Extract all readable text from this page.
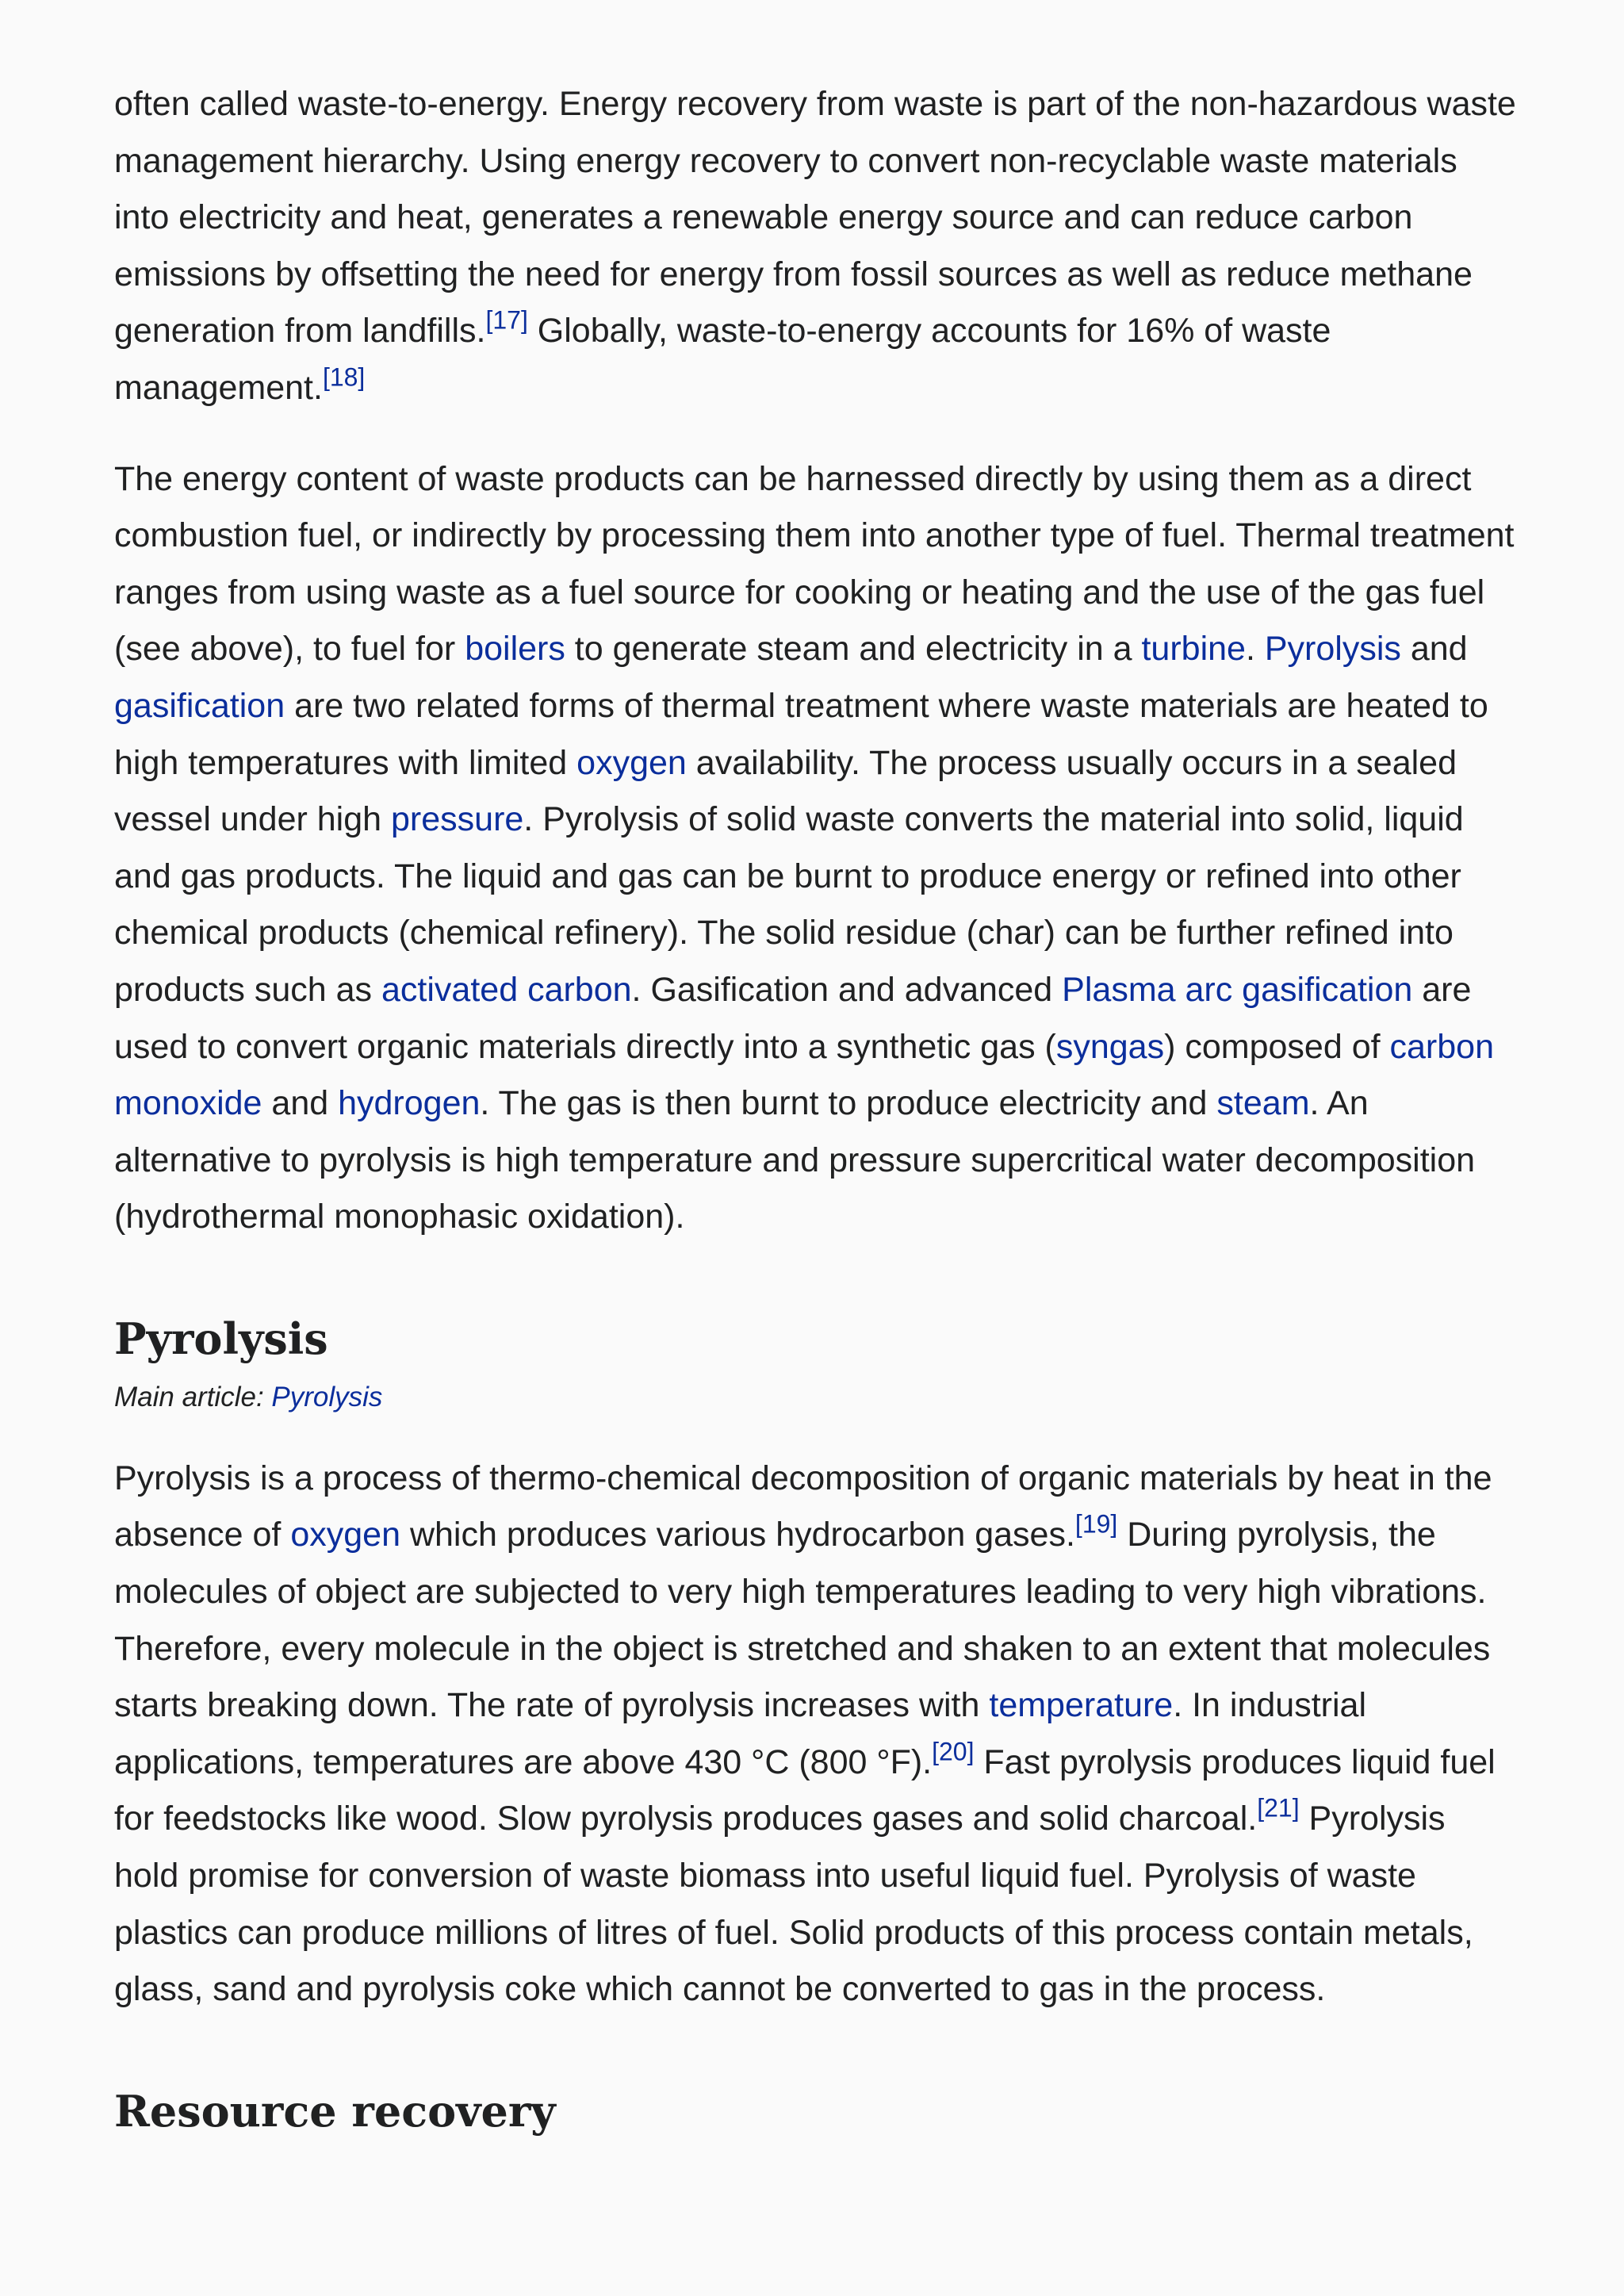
often called waste-to-energy. Energy recovery from waste is part of the non-hazardous waste management hierarchy. Using energy recovery to convert non-recyclable waste materials into electricity and heat, generates a renewable energy source and can reduce carbon emissions by offsetting the need for energy from fossil sources as well as reduce methane generation from landfills.[17] Globally, waste-to-energy accounts for 16% of waste management.[18]

The energy content of waste products can be harnessed directly by using them as a direct combustion fuel, or indirectly by processing them into another type of fuel. Thermal treatment ranges from using waste as a fuel source for cooking or heating and the use of the gas fuel (see above), to fuel for boilers to generate steam and electricity in a turbine. Pyrolysis and gasification are two related forms of thermal treatment where waste materials are heated to high temperatures with limited oxygen availability. The process usually occurs in a sealed vessel under high pressure. Pyrolysis of solid waste converts the material into solid, liquid and gas products. The liquid and gas can be burnt to produce energy or refined into other chemical products (chemical refinery). The solid residue (char) can be further refined into products such as activated carbon. Gasification and advanced Plasma arc gasification are used to convert organic materials directly into a synthetic gas (syngas) composed of carbon monoxide and hydrogen. The gas is then burnt to produce electricity and steam. An alternative to pyrolysis is high temperature and pressure supercritical water decomposition (hydrothermal monophasic oxidation).

Pyrolysis
Main article: Pyrolysis

Pyrolysis is a process of thermo-chemical decomposition of organic materials by heat in the absence of oxygen which produces various hydrocarbon gases.[19] During pyrolysis, the molecules of object are subjected to very high temperatures leading to very high vibrations. Therefore, every molecule in the object is stretched and shaken to an extent that molecules starts breaking down. The rate of pyrolysis increases with temperature. In industrial applications, temperatures are above 430 °C (800 °F).[20] Fast pyrolysis produces liquid fuel for feedstocks like wood. Slow pyrolysis produces gases and solid charcoal.[21] Pyrolysis hold promise for conversion of waste biomass into useful liquid fuel. Pyrolysis of waste plastics can produce millions of litres of fuel. Solid products of this process contain metals, glass, sand and pyrolysis coke which cannot be converted to gas in the process.

Resource recovery
